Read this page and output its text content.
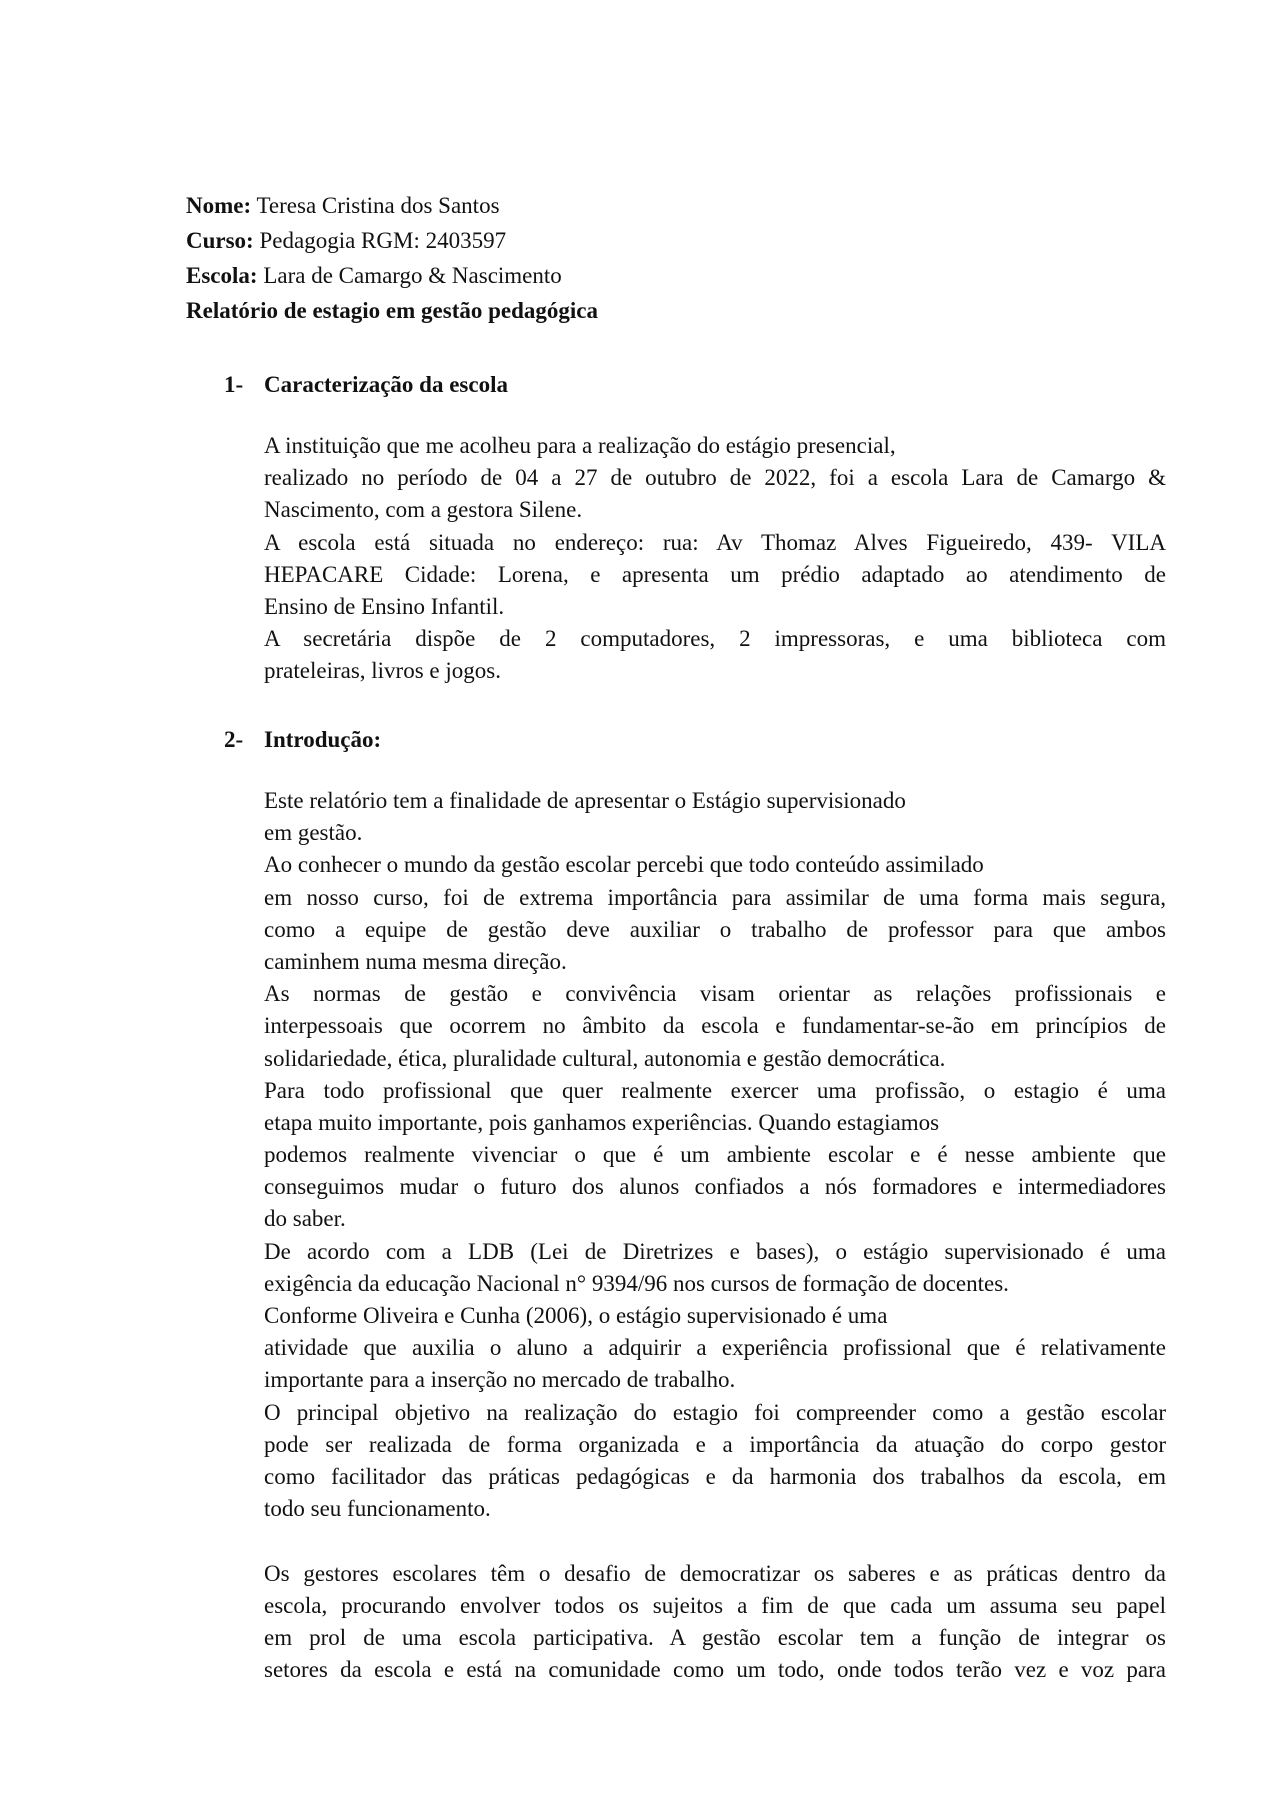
Nome: Teresa Cristina dos Santos
Curso: Pedagogia RGM: 2403597
Escola: Lara de Camargo & Nascimento
Relatório de estagio em gestão pedagógica
1- Caracterização da escola
A instituição que me acolheu para a realização do estágio presencial,
realizado no período de 04 a 27 de outubro de 2022, foi a escola Lara de Camargo &
Nascimento, com a gestora Silene.
A escola está situada no endereço: rua: Av Thomaz Alves Figueiredo, 439- VILA
HEPACARE Cidade: Lorena, e apresenta um prédio adaptado ao atendimento de
Ensino de Ensino Infantil.
A secretária dispõe de 2 computadores, 2 impressoras, e uma biblioteca com
prateleiras, livros e jogos.
2- Introdução:
Este relatório tem a finalidade de apresentar o Estágio supervisionado
em gestão.
Ao conhecer o mundo da gestão escolar percebi que todo conteúdo assimilado
em nosso curso, foi de extrema importância para assimilar de uma forma mais segura,
como a equipe de gestão deve auxiliar o trabalho de professor para que ambos
caminhem numa mesma direção.
As normas de gestão e convivência visam orientar as relações profissionais e
interpessoais que ocorrem no âmbito da escola e fundamentar-se-ão em princípios de
solidariedade, ética, pluralidade cultural, autonomia e gestão democrática.
Para todo profissional que quer realmente exercer uma profissão, o estagio é uma
etapa muito importante, pois ganhamos experiências. Quando estagiamos
podemos realmente vivenciar o que é um ambiente escolar e é nesse ambiente que
conseguimos mudar o futuro dos alunos confiados a nós formadores e intermediadores
do saber.
De acordo com a LDB (Lei de Diretrizes e bases), o estágio supervisionado é uma
exigência da educação Nacional n° 9394/96 nos cursos de formação de docentes.
Conforme Oliveira e Cunha (2006), o estágio supervisionado é uma
atividade que auxilia o aluno a adquirir a experiência profissional que é relativamente
importante para a inserção no mercado de trabalho.
O principal objetivo na realização do estagio foi compreender como a gestão escolar
pode ser realizada de forma organizada e a importância da atuação do corpo gestor
como facilitador das práticas pedagógicas e da harmonia dos trabalhos da escola, em
todo seu funcionamento.
Os gestores escolares têm o desafio de democratizar os saberes e as práticas dentro da
escola, procurando envolver todos os sujeitos a fim de que cada um assuma seu papel
em prol de uma escola participativa. A gestão escolar tem a função de integrar os
setores da escola e está na comunidade como um todo, onde todos terão vez e voz para
